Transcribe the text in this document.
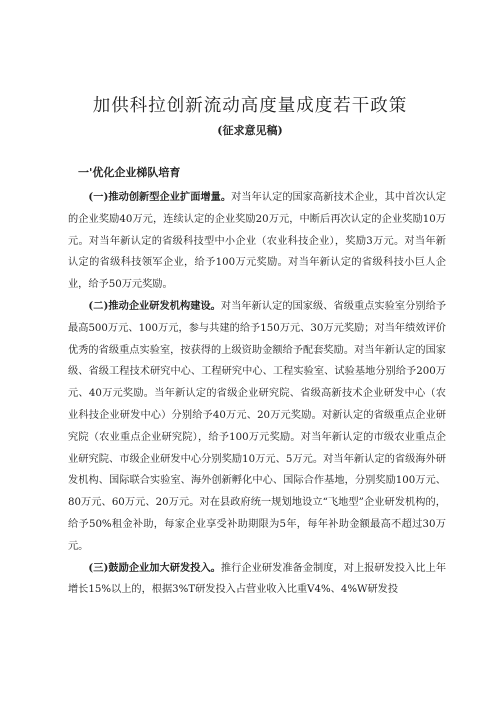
加供科拉创新流动高度量成度若干政策
(征求意见稿)
一'优化企业梯队培育

(一)推动创新型企业扩面增量。对当年认定的国家高新技术企业，其中首次认定的企业奖励40万元，连续认定的企业奖励20万元，中断后再次认定的企业奖励10万元。对当年新认定的省级科技型中小企业（农业科技企业），奖励3万元。对当年新认定的省级科技领军企业，给予100万元奖励。对当年新认定的省级科技小巨人企业，给予50万元奖励。

(二)推动企业研发机构建设。对当年新认定的国家级、省级重点实验室分别给予最高500万元、100万元，参与共建的给予150万元、30万元奖励；对当年绩效评价优秀的省级重点实验室，按获得的上级资助金额给予配套奖励。对当年新认定的国家级、省级工程技术研究中心、工程研究中心、工程实验室、试验基地分别给予200万元、40万元奖励。当年新认定的省级企业研究院、省级高新技术企业研发中心（农业科技企业研发中心）分别给予40万元、20万元奖励。对新认定的省级重点企业研究院（农业重点企业研究院），给予100万元奖励。对当年新认定的市级农业重点企业研究院、市级企业研发中心分别奖励10万元、5万元。对当年新认定的省级海外研发机构、国际联合实验室、海外创新孵化中心、国际合作基地，分别奖励100万元、80万元、60万元、20万元。对在县政府统一规划地设立“飞地型”企业研发机构的，给予50%租金补助，每家企业享受补助期限为5年，每年补助金额最高不超过30万元。

(三)鼓励企业加大研发投入。推行企业研发准备金制度，对上报研发投入比上年增长15%以上的，根据3%T研发投入占营业收入比重V4%、4%W研发投
